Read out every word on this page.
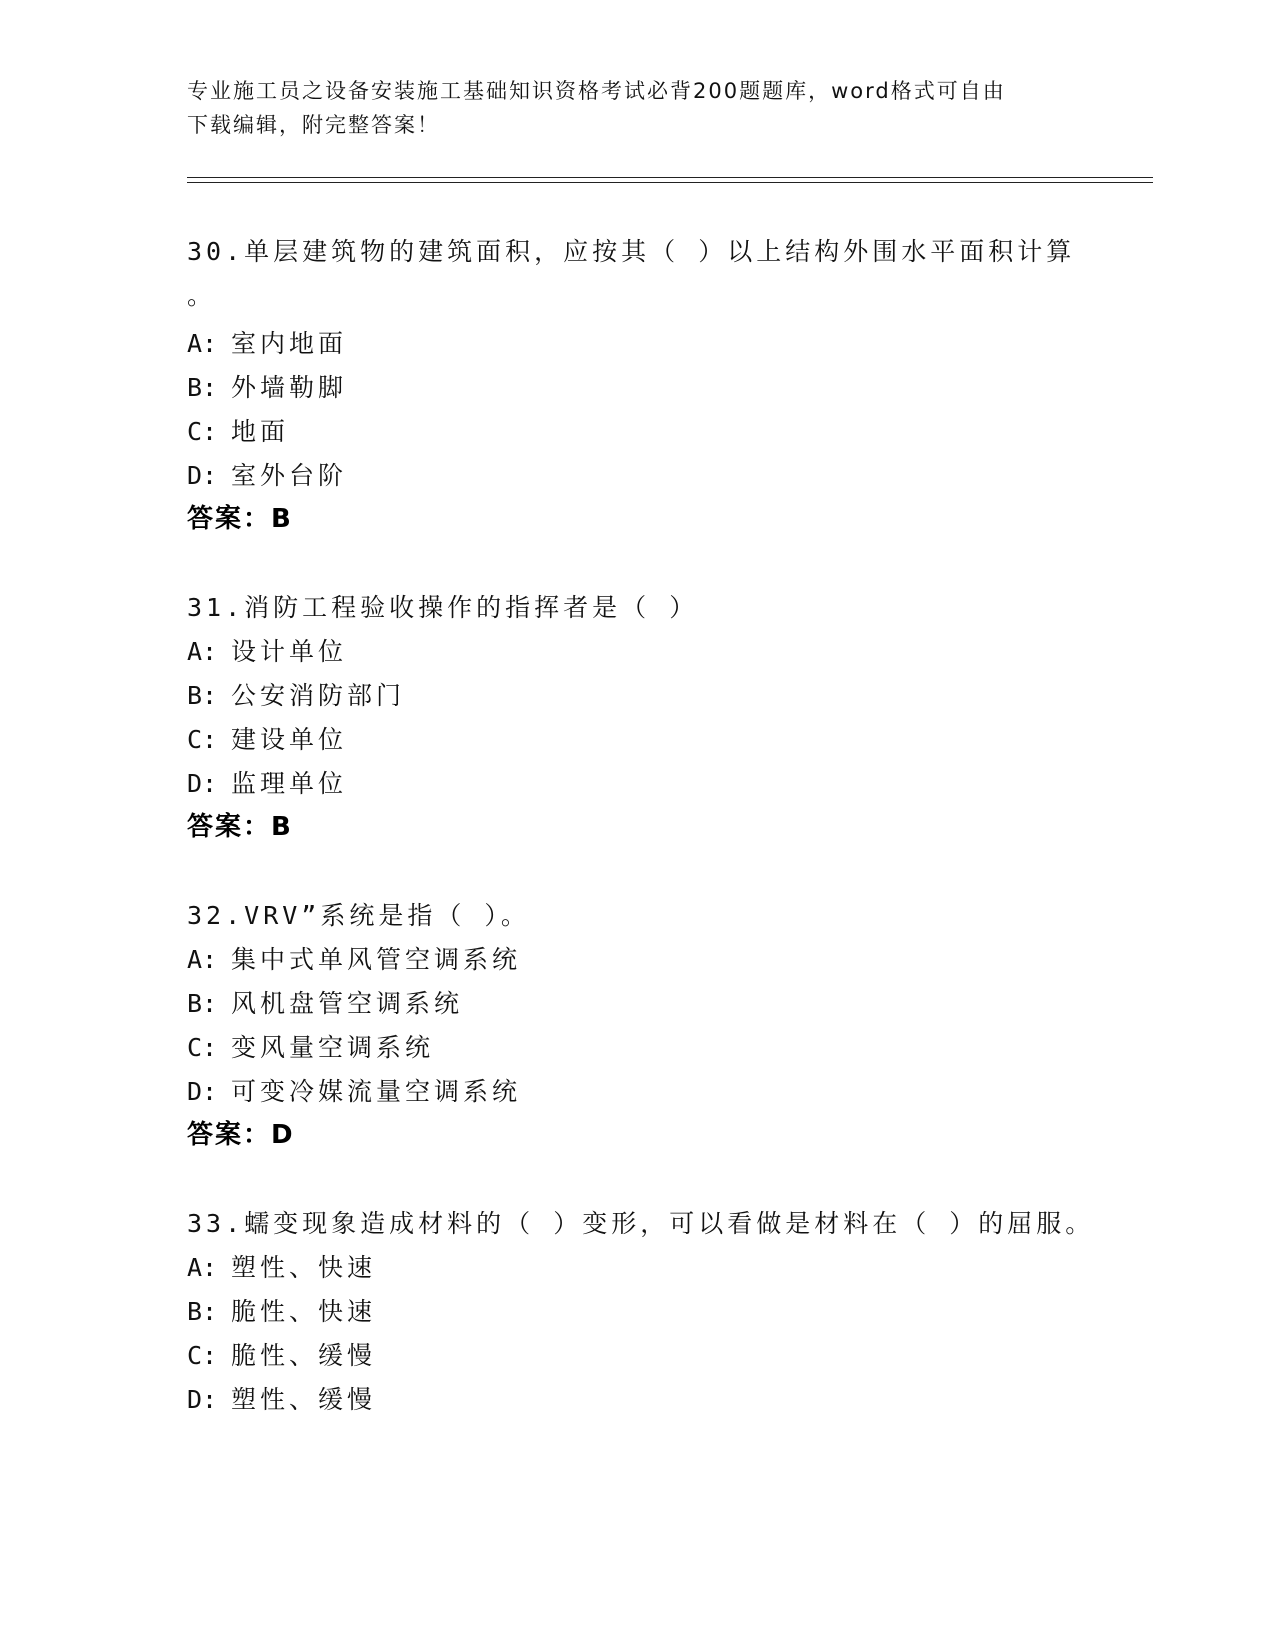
专业施工员之设备安装施工基础知识资格考试必背200题题库，word格式可自由
下载编辑，附完整答案！
30.单层建筑物的建筑面积，应按其（ ）以上结构外围水平面积计算
。
A: 室内地面
B: 外墙勒脚
C: 地面
D: 室外台阶
答案：B
31.消防工程验收操作的指挥者是（ ）
A: 设计单位
B: 公安消防部门
C: 建设单位
D: 监理单位
答案：B
32.VRV”系统是指（ ）。
A: 集中式单风管空调系统
B: 风机盘管空调系统
C: 变风量空调系统
D: 可变冷媒流量空调系统
答案：D
33.蠕变现象造成材料的（ ）变形，可以看做是材料在（ ）的屈服。
A: 塑性、快速
B: 脆性、快速
C: 脆性、缓慢
D: 塑性、缓慢
